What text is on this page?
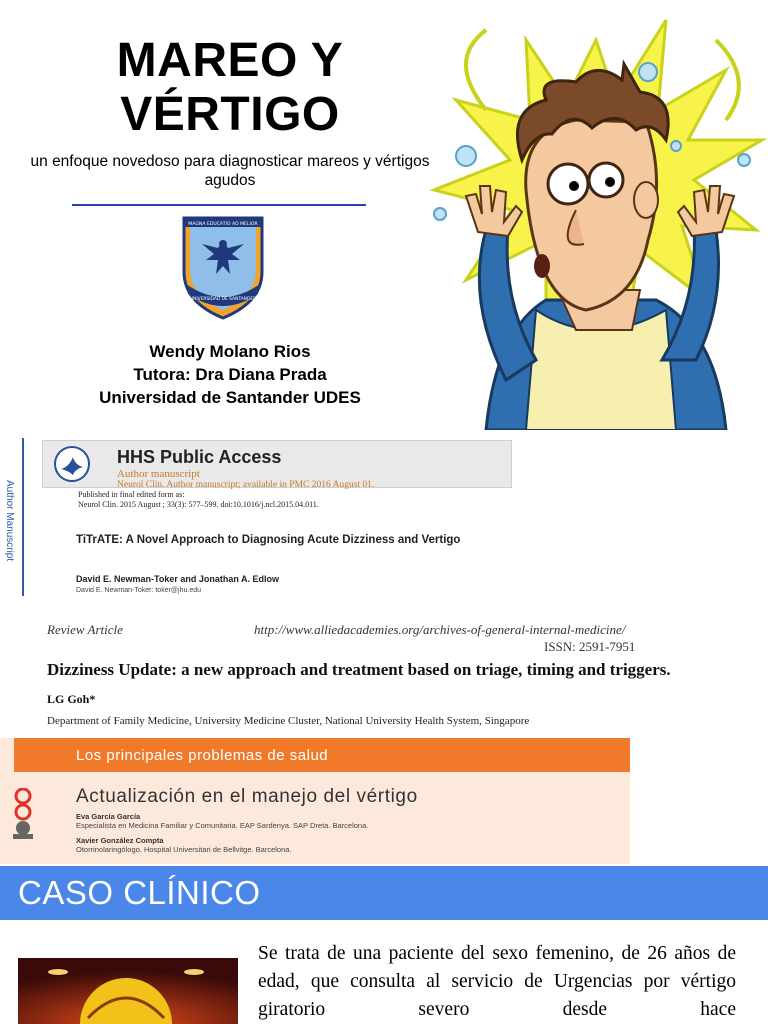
MAREO Y
VÉRTIGO
un enfoque novedoso para diagnosticar mareos y vértigos agudos
MAGNA EDUCATIO AD MELIOR
UNIVERSIDAD DE SANTANDER
Wendy Molano Rios
Tutora: Dra Diana Prada
Universidad de Santander UDES
Author Manuscript
HHS Public Access
Author manuscript
Neurol Clin. Author manuscript; available in PMC 2016 August 01.
Published in final edited form as:
Neurol Clin. 2015 August ; 33(3): 577–599. doi:10.1016/j.ncl.2015.04.011.
TiTrATE: A Novel Approach to Diagnosing Acute Dizziness and Vertigo
David E. Newman-Toker and Jonathan A. Edlow
David E. Newman-Toker: toker@jhu.edu
Review Article	http://www.alliedacademies.org/archives-of-general-internal-medicine/
ISSN: 2591-7951
Dizziness Update: a new approach and treatment based on triage, timing and triggers.
LG Goh*
Department of Family Medicine, University Medicine Cluster, National University Health System, Singapore
Los principales problemas de salud
Actualización en el manejo del vértigo
Eva García García
Especialista en Medicina Familiar y Comunitaria. EAP Sardenya. SAP Dreta. Barcelona.
Xavier González Compta
Otorrinolaringólogo. Hospital Universitari de Bellvitge. Barcelona.
CASO CLÍNICO
Se trata de una paciente del sexo femenino, de 26 años de edad, que consulta al servicio de Urgencias por vértigo giratorio severo desde hace
